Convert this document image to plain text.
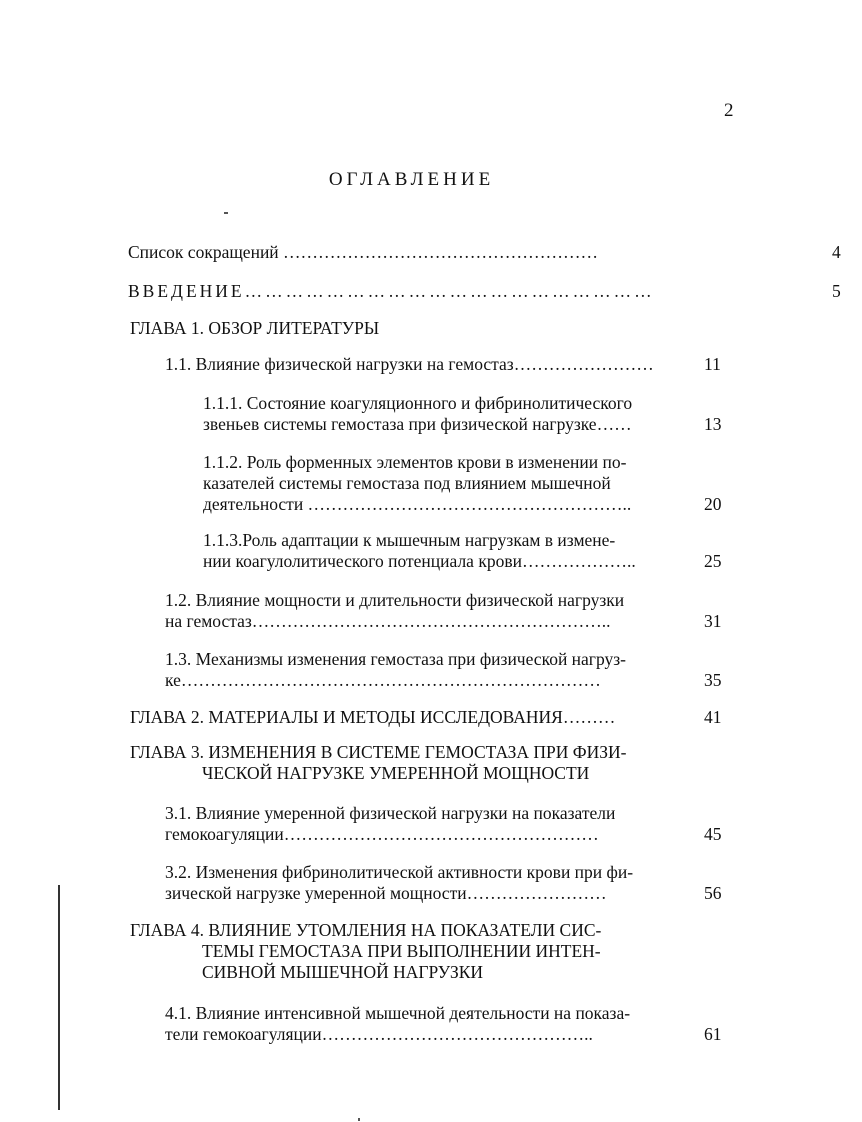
2
ОГЛАВЛЕНИЕ
Список сокращений ………………………………………………	4
ВВЕДЕНИЕ……………………………………………………	5
ГЛАВА 1. ОБЗОР ЛИТЕРАТУРЫ
1.1. Влияние физической нагрузки на гемостаз……………………	11
1.1.1. Состояние коагуляционного и фибринолитического
звеньев системы гемостаза при физической нагрузке……	13
1.1.2. Роль форменных элементов крови в изменении по-
казателей системы гемостаза под влиянием мышечной
деятельности ………………………………………………..	20
1.1.3.Роль адаптации к мышечным нагрузкам в измене-
нии коагулолитического потенциала крови………………..	25
1.2. Влияние мощности и длительности физической нагрузки
на гемостаз……………………………………………………..	31
1.3. Механизмы изменения гемостаза при физической нагруз-
ке………………………………………………………………	35
ГЛАВА 2. МАТЕРИАЛЫ И МЕТОДЫ ИССЛЕДОВАНИЯ………	41
ГЛАВА 3. ИЗМЕНЕНИЯ В СИСТЕМЕ ГЕМОСТАЗА ПРИ ФИЗИ-
ЧЕСКОЙ НАГРУЗКЕ УМЕРЕННОЙ МОЩНОСТИ
3.1. Влияние умеренной физической нагрузки на показатели
гемокоагуляции………………………………………………	45
3.2. Изменения фибринолитической активности крови при фи-
зической нагрузке умеренной мощности……………………	56
ГЛАВА 4. ВЛИЯНИЕ УТОМЛЕНИЯ НА ПОКАЗАТЕЛИ СИС-
ТЕМЫ ГЕМОСТАЗА ПРИ ВЫПОЛНЕНИИ ИНТЕН-
СИВНОЙ МЫШЕЧНОЙ НАГРУЗКИ
4.1. Влияние интенсивной мышечной деятельности на показа-
тели гемокоагуляции………………………………………..	61
